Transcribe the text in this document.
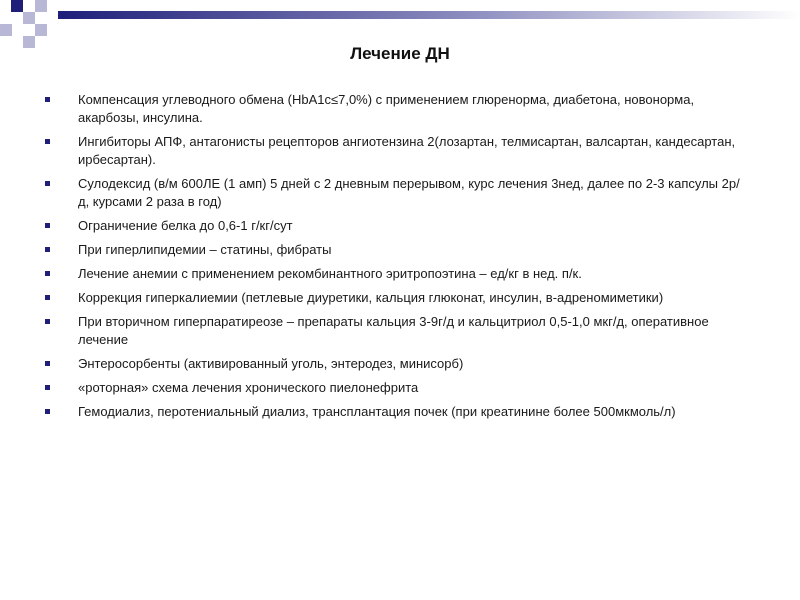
Лечение ДН
Компенсация углеводного обмена (HbA1c≤7,0%) с применением глюренорма, диабетона, новонорма, акарбозы, инсулина.
Ингибиторы АПФ, антагонисты рецепторов ангиотензина 2(лозартан, телмисартан, валсартан, кандесартан, ирбесартан).
Сулодексид (в/м 600ЛЕ (1 амп) 5 дней с 2 дневным перерывом, курс лечения 3нед, далее по 2-3 капсулы 2р/д, курсами 2 раза в год)
Ограничение белка до 0,6-1 г/кг/сут
При гиперлипидемии – статины, фибраты
Лечение анемии с применением рекомбинантного эритропоэтина – ед/кг в нед. п/к.
Коррекция гиперкалиемии (петлевые диуретики, кальция глюконат, инсулин, в-адреномиметики)
При вторичном гиперпаратиреозе – препараты кальция 3-9г/д и кальцитриол 0,5-1,0 мкг/д, оперативное лечение
Энтеросорбенты (активированный уголь, энтеродез, минисорб)
«роторная» схема лечения хронического пиелонефрита
Гемодиализ, перотениальный диализ, трансплантация почек (при креатинине более 500мкмоль/л)
